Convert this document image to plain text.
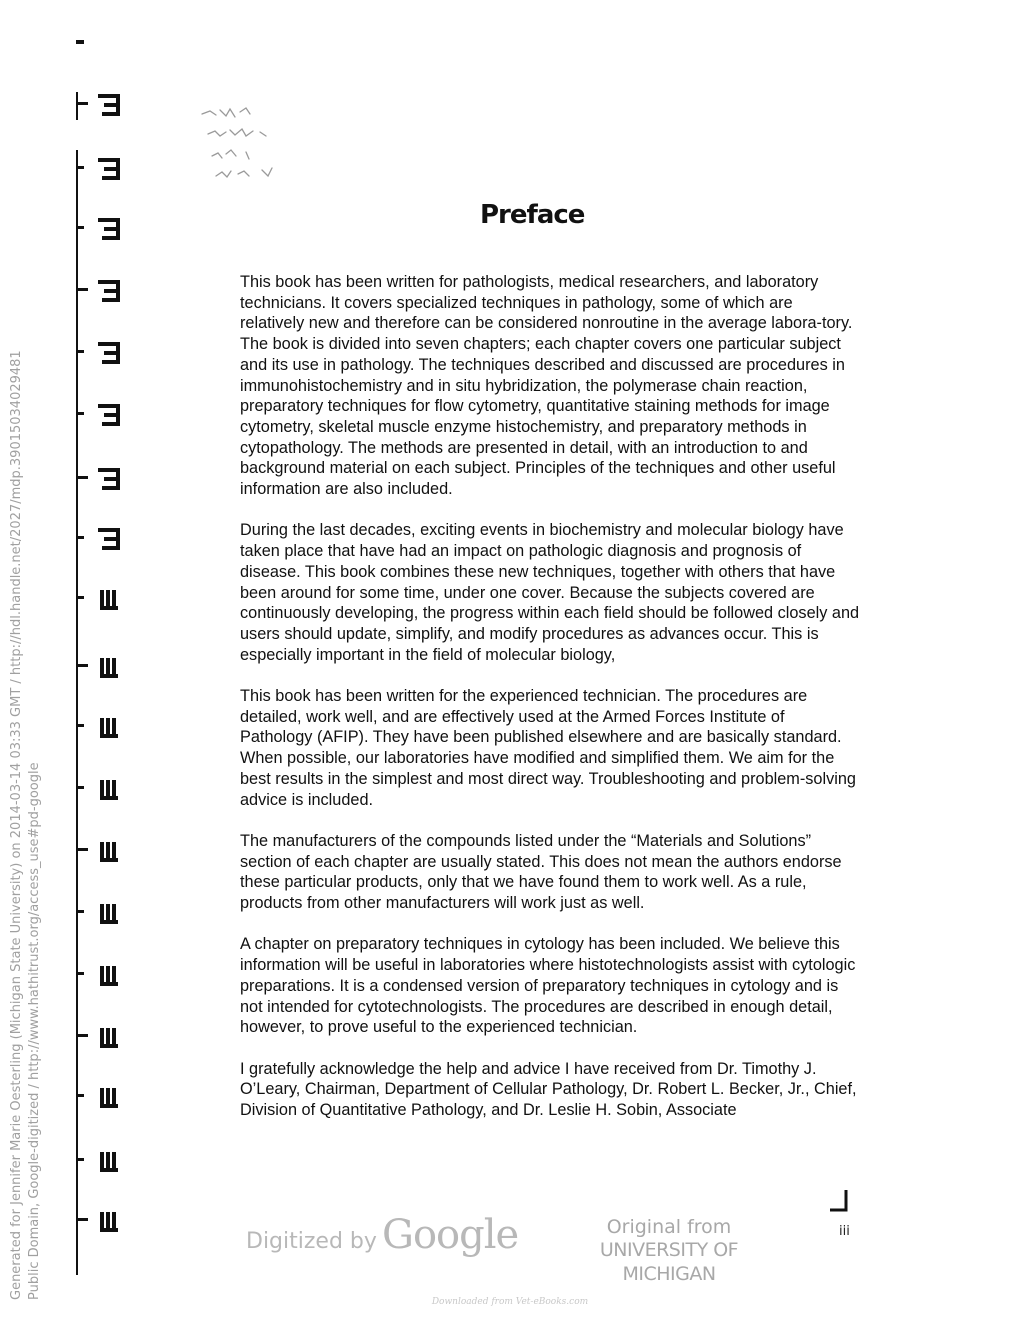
Generated for Jennifer Marie Oesterling (Michigan State University) on 2014-03-14 03:33 GMT / http://hdl.handle.net/2027/mdp.39015034029481 Public Domain, Google-digitized / http://www.hathitrust.org/access_use#pd-google
Preface

This book has been written for pathologists, medical researchers, and laboratory technicians. It covers specialized techniques in pathology, some of which are relatively new and therefore can be considered nonroutine in the average labora-tory. The book is divided into seven chapters; each chapter covers one particular subject and its use in pathology. The techniques described and discussed are procedures in immunohistochemistry and in situ hybridization, the polymerase chain reaction, preparatory techniques for flow cytometry, quantitative staining methods for image cytometry, skeletal muscle enzyme histochemistry, and preparatory methods in cytopathology. The methods are presented in detail, with an introduction to and background material on each subject. Principles of the techniques and other useful information are also included.

During the last decades, exciting events in biochemistry and molecular biology have taken place that have had an impact on pathologic diagnosis and prognosis of disease. This book combines these new techniques, together with others that have been around for some time, under one cover. Because the subjects covered are continuously developing, the progress within each field should be followed closely and users should update, simplify, and modify procedures as advances occur. This is especially important in the field of molecular biology,

This book has been written for the experienced technician. The procedures are detailed, work well, and are effectively used at the Armed Forces Institute of Pathology (AFIP). They have been published elsewhere and are basically standard. When possible, our laboratories have modified and simplified them. We aim for the best results in the simplest and most direct way. Troubleshooting and problem-solving advice is included.

The manufacturers of the compounds listed under the “Materials and Solutions” section of each chapter are usually stated. This does not mean the authors endorse these particular products, only that we have found them to work well. As a rule, products from other manufacturers will work just as well.

A chapter on preparatory techniques in cytology has been included. We believe this information will be useful in laboratories where histotechnologists assist with cytologic preparations. It is a condensed version of preparatory techniques in cytology and is not intended for cytotechnologists. The procedures are described in enough detail, however, to prove useful to the experienced technician.

I gratefully acknowledge the help and advice I have received from Dr. Timothy J. O’Leary, Chairman, Department of Cellular Pathology, Dr. Robert L. Becker, Jr., Chief, Division of Quantitative Pathology, and Dr. Leslie H. Sobin, Associate

iii
Digitized by Google	Original from
UNIVERSITY OF MICHIGAN
Downloaded from Vet-eBooks.com
